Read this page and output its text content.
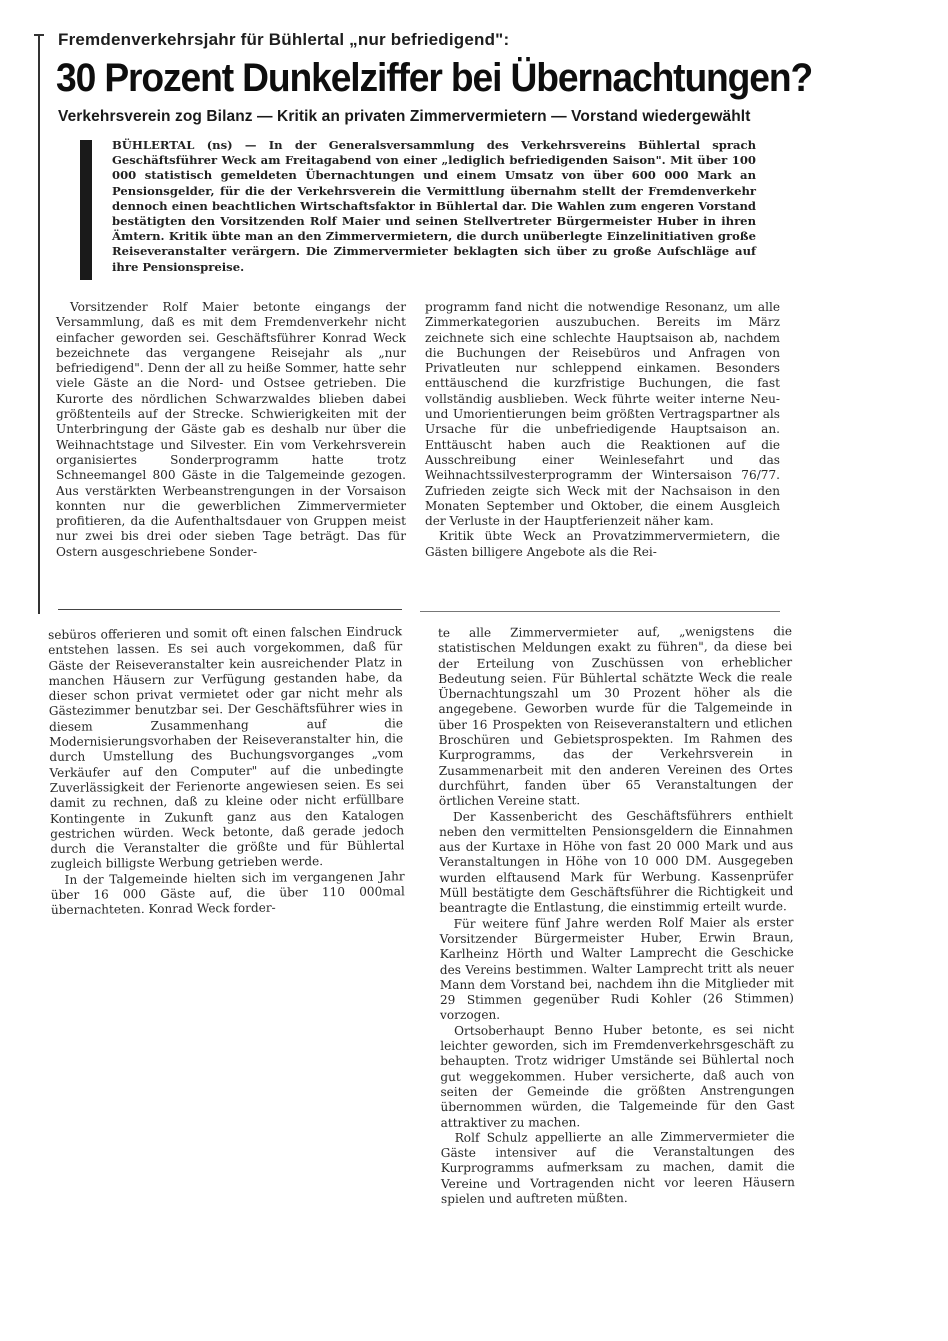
Fremdenverkehrsjahr für Bühlertal „nur befriedigend":
30 Prozent Dunkelziffer bei Übernachtungen?
Verkehrsverein zog Bilanz — Kritik an privaten Zimmervermietern — Vorstand wiedergewählt

BÜHLERTAL (ns) — In der Generalsversammlung des Verkehrsvereins Bühlertal sprach Geschäftsführer Weck am Freitagabend von einer „lediglich befriedigenden Saison". Mit über 100 000 statistisch gemeldeten Übernachtungen und einem Umsatz von über 600 000 Mark an Pensionsgelder, für die der Verkehrsverein die Vermittlung übernahm stellt der Fremdenverkehr dennoch einen beachtlichen Wirtschaftsfaktor in Bühlertal dar. Die Wahlen zum engeren Vorstand bestätigten den Vorsitzenden Rolf Maier und seinen Stellvertreter Bürgermeister Huber in ihren Ämtern. Kritik übte man an den Zimmervermietern, die durch unüberlegte Einzelinitiativen große Reiseveranstalter verärgern. Die Zimmervermieter beklagten sich über zu große Aufschläge auf ihre Pensionspreise.

Vorsitzender Rolf Maier betonte eingangs der Versammlung, daß es mit dem Fremdenverkehr nicht einfacher geworden sei. Geschäftsführer Konrad Weck bezeichnete das vergangene Reisejahr als „nur befriedigend". Denn der all zu heiße Sommer, hatte sehr viele Gäste an die Nord- und Ostsee getrieben. Die Kurorte des nördlichen Schwarzwaldes blieben dabei größtenteils auf der Strecke. Schwierigkeiten mit der Unterbringung der Gäste gab es deshalb nur über die Weihnachtstage und Silvester. Ein vom Verkehrsverein organisiertes Sonderprogramm hatte trotz Schneemangel 800 Gäste in die Talgemeinde gezogen. Aus verstärkten Werbeanstrengungen in der Vorsaison konnten nur die gewerblichen Zimmervermieter profitieren, da die Aufenthaltsdauer von Gruppen meist nur zwei bis drei oder sieben Tage beträgt. Das für Ostern ausgeschriebene Sonder-

programm fand nicht die notwendige Resonanz, um alle Zimmerkategorien auszubuchen. Bereits im März zeichnete sich eine schlechte Hauptsaison ab, nachdem die Buchungen der Reisebüros und Anfragen von Privatleuten nur schleppend einkamen. Besonders enttäuschend die kurzfristige Buchungen, die fast vollständig ausblieben. Weck führte weiter interne Neu- und Umorientierungen beim größten Vertragspartner als Ursache für die unbefriedigende Hauptsaison an. Enttäuscht haben auch die Reaktionen auf die Ausschreibung einer Weinlesefahrt und das Weihnachtssilvesterprogramm der Wintersaison 76/77. Zufrieden zeigte sich Weck mit der Nachsaison in den Monaten September und Oktober, die einem Ausgleich der Verluste in der Hauptferienzeit näher kam.

Kritik übte Weck an Provatzimmervermietern, die Gästen billigere Angebote als die Rei-

sebüros offerieren und somit oft einen falschen Eindruck entstehen lassen. Es sei auch vorgekommen, daß für Gäste der Reiseveranstalter kein ausreichender Platz in manchen Häusern zur Verfügung gestanden habe, da dieser schon privat vermietet oder gar nicht mehr als Gästezimmer benutzbar sei. Der Geschäftsführer wies in diesem Zusammenhang auf die Modernisierungsvorhaben der Reiseveranstalter hin, die durch Umstellung des Buchungsvorganges „vom Verkäufer auf den Computer" auf die unbedingte Zuverlässigkeit der Ferienorte angewiesen seien. Es sei damit zu rechnen, daß zu kleine oder nicht erfüllbare Kontingente in Zukunft ganz aus den Katalogen gestrichen würden. Weck betonte, daß gerade jedoch durch die Veranstalter die größte und für Bühlertal zugleich billigste Werbung getrieben werde.

In der Talgemeinde hielten sich im vergangenen Jahr über 16 000 Gäste auf, die über 110 000mal übernachteten. Konrad Weck forder-

te alle Zimmervermieter auf, „wenigstens die statistischen Meldungen exakt zu führen", da diese bei der Erteilung von Zuschüssen von erheblicher Bedeutung seien. Für Bühlertal schätzte Weck die reale Übernachtungszahl um 30 Prozent höher als die angegebene. Geworben wurde für die Talgemeinde in über 16 Prospekten von Reiseveranstaltern und etlichen Broschüren und Gebietsprospekten. Im Rahmen des Kurprogramms, das der Verkehrsverein in Zusammenarbeit mit den anderen Vereinen des Ortes durchführt, fanden über 65 Veranstaltungen der örtlichen Vereine statt.

Der Kassenbericht des Geschäftsführers enthielt neben den vermittelten Pensionsgeldern die Einnahmen aus der Kurtaxe in Höhe von fast 20 000 Mark und aus Veranstaltungen in Höhe von 10 000 DM. Ausgegeben wurden elftausend Mark für Werbung. Kassenprüfer Müll bestätigte dem Geschäftsführer die Richtigkeit und beantragte die Entlastung, die einstimmig erteilt wurde.

Für weitere fünf Jahre werden Rolf Maier als erster Vorsitzender Bürgermeister Huber, Erwin Braun, Karlheinz Hörth und Walter Lamprecht die Geschicke des Vereins bestimmen. Walter Lamprecht tritt als neuer Mann dem Vorstand bei, nachdem ihn die Mitglieder mit 29 Stimmen gegenüber Rudi Kohler (26 Stimmen) vorzogen.

Ortsoberhaupt Benno Huber betonte, es sei nicht leichter geworden, sich im Fremdenverkehrsgeschäft zu behaupten. Trotz widriger Umstände sei Bühlertal noch gut weggekommen. Huber versicherte, daß auch von seiten der Gemeinde die größten Anstrengungen übernommen würden, die Talgemeinde für den Gast attraktiver zu machen.

Rolf Schulz appellierte an alle Zimmervermieter die Gäste intensiver auf die Veranstaltungen des Kurprogramms aufmerksam zu machen, damit die Vereine und Vortragenden nicht vor leeren Häusern spielen und auftreten müßten.
